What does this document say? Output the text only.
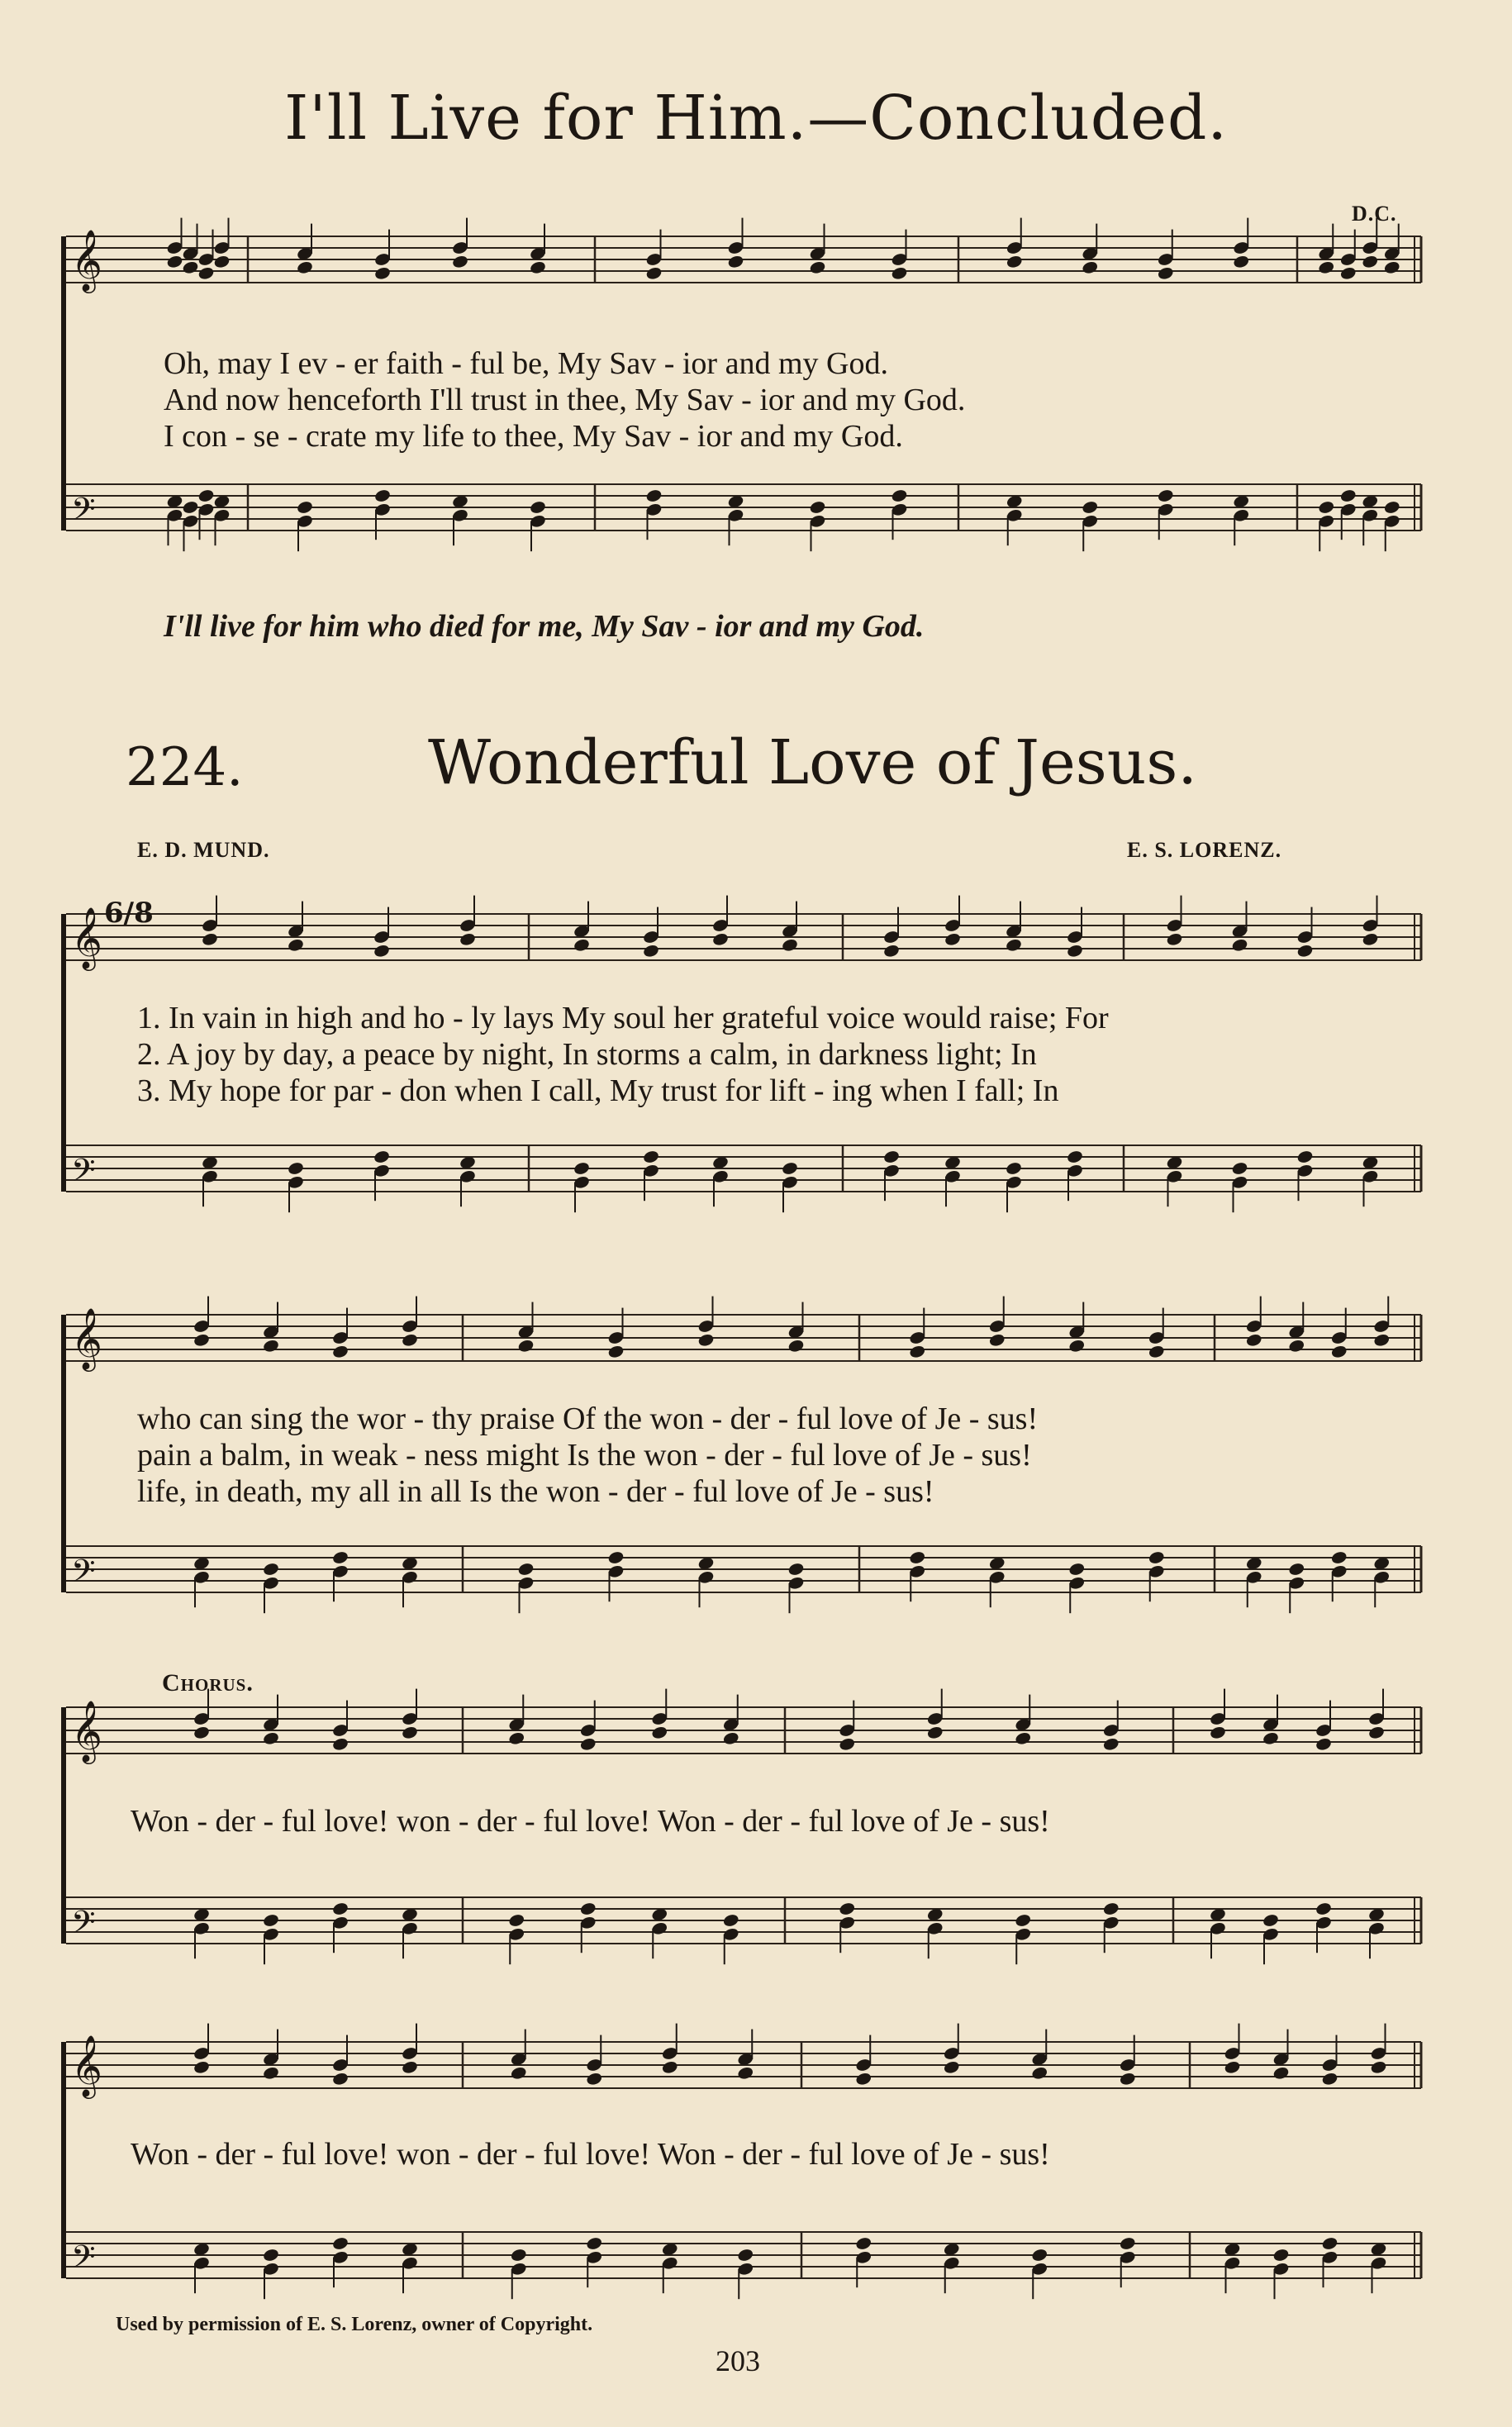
I'll Live for Him.—Concluded.
𝄞
𝄢
D.C.
Oh, may I ev - er faith - ful be, My Sav - ior and my God.
And now henceforth I'll trust in thee, My Sav - ior and my God.
I con - se - crate my life to thee, My Sav - ior and my God.
I'll live for him who died for me, My Sav - ior and my God.
224.	Wonderful Love of Jesus.
E. D. MUND.	E. S. LORENZ.
𝄞
𝄢
6/8
1. In vain in high and ho - ly lays My soul her grateful voice would raise; For
2. A joy by day, a peace by night, In storms a calm, in darkness light; In
3. My hope for par - don when I call, My trust for lift - ing when I fall; In
𝄞
𝄢
who can sing the wor - thy praise Of the won - der - ful love of Je - sus!
pain a balm, in weak - ness might Is the won - der - ful love of Je - sus!
life, in death, my all in all Is the won - der - ful love of Je - sus!
Chorus.
𝄞
𝄢
Won - der - ful love! won - der - ful love! Won - der - ful love of Je - sus!
𝄞
𝄢
Won - der - ful love! won - der - ful love! Won - der - ful love of Je - sus!
Used by permission of E. S. Lorenz, owner of Copyright.
203
